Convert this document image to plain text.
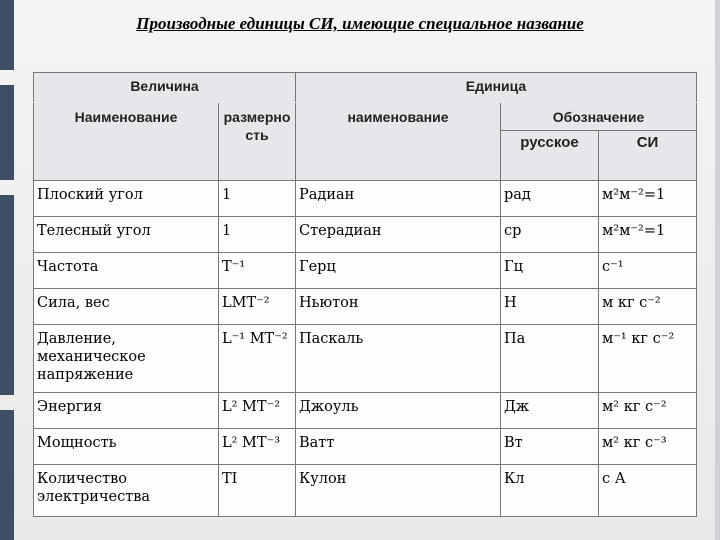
Производные единицы СИ, имеющие специальное название
Величина		Единица		
Наименование	размерность	наименование	Обозначение	
			русское	СИ
Плоский угол	1	Радиан	рад	м²м⁻²=1
Телесный угол	1	Стерадиан	ср	м²м⁻²=1
Частота	T⁻¹	Герц	Гц	с⁻¹
Сила, вес	LMT⁻²	Ньютон	Н	м кг с⁻²
Давление, механическое напряжение	L⁻¹ MT⁻²	Паскаль	Па	м⁻¹ кг с⁻²
Энергия	L² MT⁻²	Джоуль	Дж	м² кг с⁻²
Мощность	L² MT⁻³	Ватт	Вт	м² кг с⁻³
Количество электричества	TI	Кулон	Кл	с А
